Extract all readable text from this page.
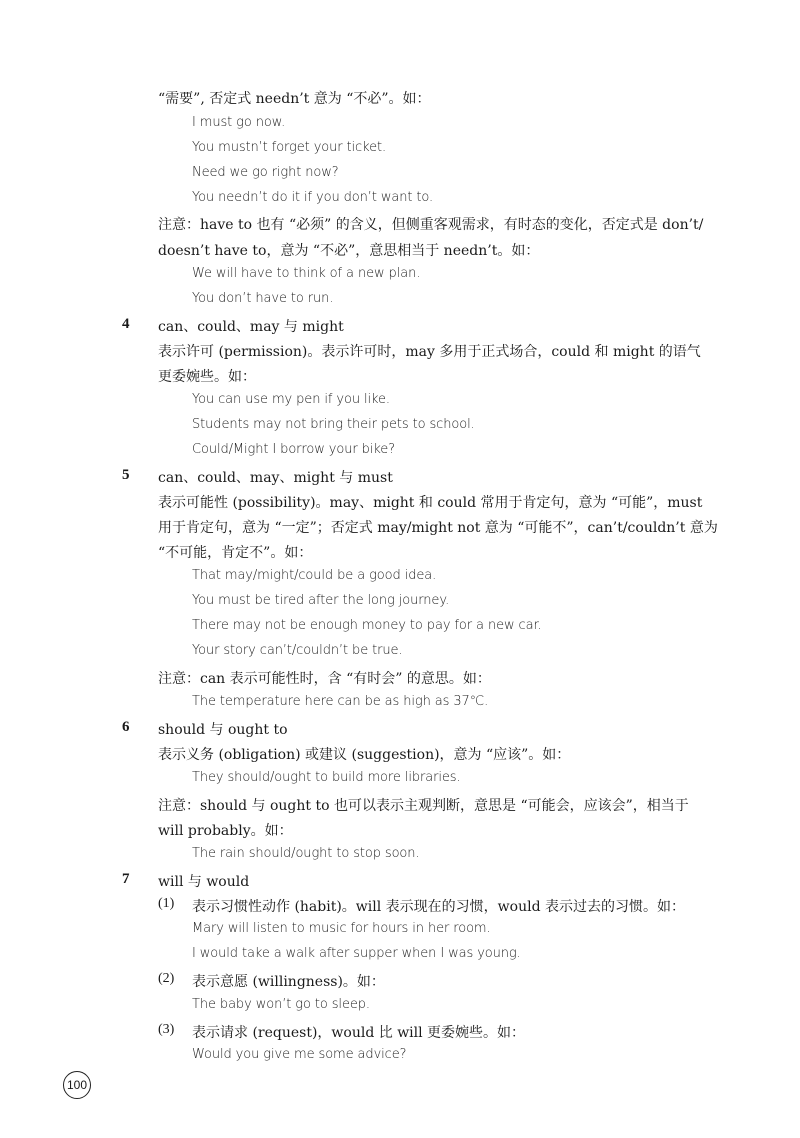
“需要”, 否定式 needn’t 意为 “不必”。如：
I must go now.
You mustn’t forget your ticket.
Need we go right now?
You needn’t do it if you don’t want to.
注意：have to 也有 “必须” 的含义，但侧重客观需求，有时态的变化，否定式是 don’t/
doesn’t have to，意为 “不必”，意思相当于 needn’t。如：
We will have to think of a new plan.
You don’t have to run.
4 can、could、may 与 might
表示许可 (permission)。表示许可时，may 多用于正式场合，could 和 might 的语气
更委婉些。如：
You can use my pen if you like.
Students may not bring their pets to school.
Could/Might I borrow your bike?
5 can、could、may、might 与 must
表示可能性 (possibility)。may、might 和 could 常用于肯定句，意为 “可能”，must
用于肯定句，意为 “一定”；否定式 may/might not 意为 “可能不”，can’t/couldn’t 意为
“不可能，肯定不”。如：
That may/might/could be a good idea.
You must be tired after the long journey.
There may not be enough money to pay for a new car.
Your story can’t/couldn’t be true.
注意：can 表示可能性时，含 “有时会” 的意思。如：
The temperature here can be as high as 37℃.
6 should 与 ought to
表示义务 (obligation) 或建议 (suggestion)，意为 “应该”。如：
They should/ought to build more libraries.
注意：should 与 ought to 也可以表示主观判断，意思是 “可能会，应该会”，相当于
will probably。如：
The rain should/ought to stop soon.
7 will 与 would
(1) 表示习惯性动作 (habit)。will 表示现在的习惯，would 表示过去的习惯。如：
Mary will listen to music for hours in her room.
I would take a walk after supper when I was young.
(2) 表示意愿 (willingness)。如：
The baby won’t go to sleep.
(3) 表示请求 (request)，would 比 will 更委婉些。如：
Would you give me some advice?
100
